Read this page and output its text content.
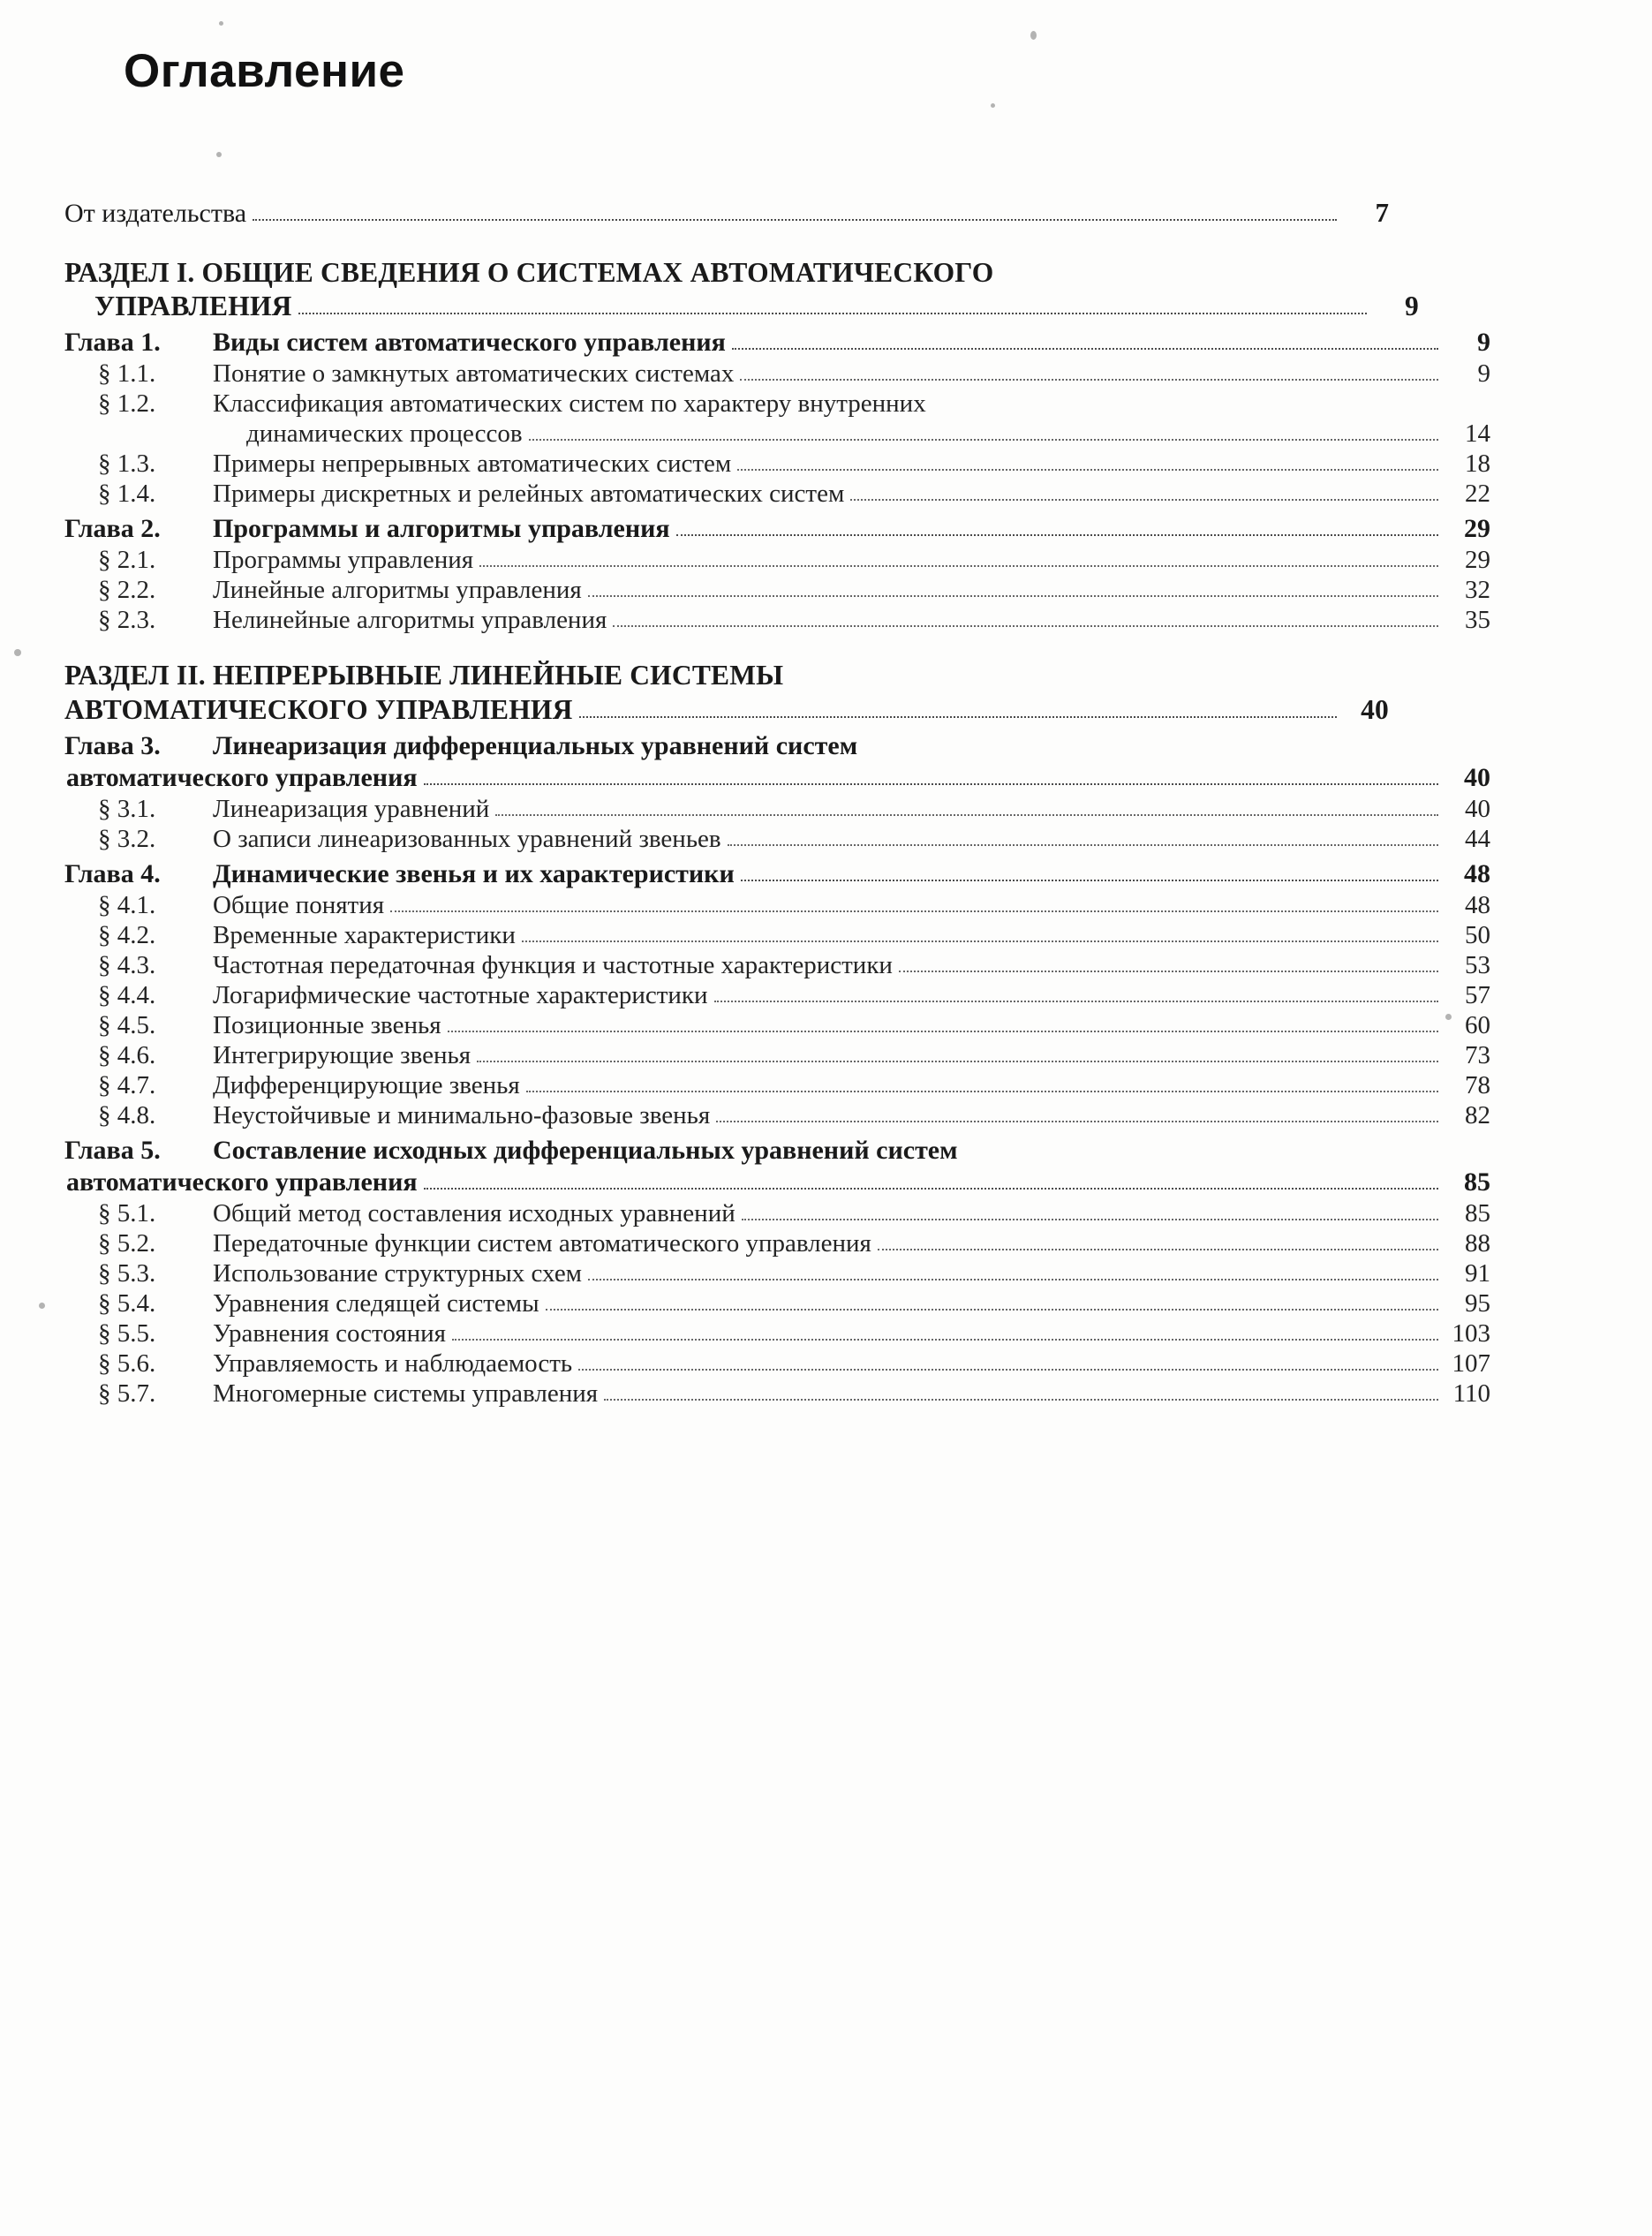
Оглавление
От издательства	7
РАЗДЕЛ I. ОБЩИЕ СВЕДЕНИЯ О СИСТЕМАХ АВТОМАТИЧЕСКОГО
УПРАВЛЕНИЯ	9
Глава 1.	Виды систем автоматического управления	9
§ 1.1.	Понятие о замкнутых автоматических системах	9
§ 1.2.	Классификация автоматических систем по характеру внутренних
динамических процессов	14
§ 1.3.	Примеры непрерывных автоматических систем	18
§ 1.4.	Примеры дискретных и релейных автоматических систем	22
Глава 2.	Программы и алгоритмы управления	29
§ 2.1.	Программы управления	29
§ 2.2.	Линейные алгоритмы управления	32
§ 2.3.	Нелинейные алгоритмы управления	35
РАЗДЕЛ II. НЕПРЕРЫВНЫЕ ЛИНЕЙНЫЕ СИСТЕМЫ
АВТОМАТИЧЕСКОГО УПРАВЛЕНИЯ	40
Глава 3.	Линеаризация дифференциальных уравнений систем
автоматического управления	40
§ 3.1.	Линеаризация уравнений	40
§ 3.2.	О записи линеаризованных уравнений звеньев	44
Глава 4.	Динамические звенья и их характеристики	48
§ 4.1.	Общие понятия	48
§ 4.2.	Временные характеристики	50
§ 4.3.	Частотная передаточная функция и частотные характеристики	53
§ 4.4.	Логарифмические частотные характеристики	57
§ 4.5.	Позиционные звенья	60
§ 4.6.	Интегрирующие звенья	73
§ 4.7.	Дифференцирующие звенья	78
§ 4.8.	Неустойчивые и минимально-фазовые звенья	82
Глава 5.	Составление исходных дифференциальных уравнений систем
автоматического управления	85
§ 5.1.	Общий метод составления исходных уравнений	85
§ 5.2.	Передаточные функции систем автоматического управления	88
§ 5.3.	Использование структурных схем	91
§ 5.4.	Уравнения следящей системы	95
§ 5.5.	Уравнения состояния	103
§ 5.6.	Управляемость и наблюдаемость	107
§ 5.7.	Многомерные системы управления	110
